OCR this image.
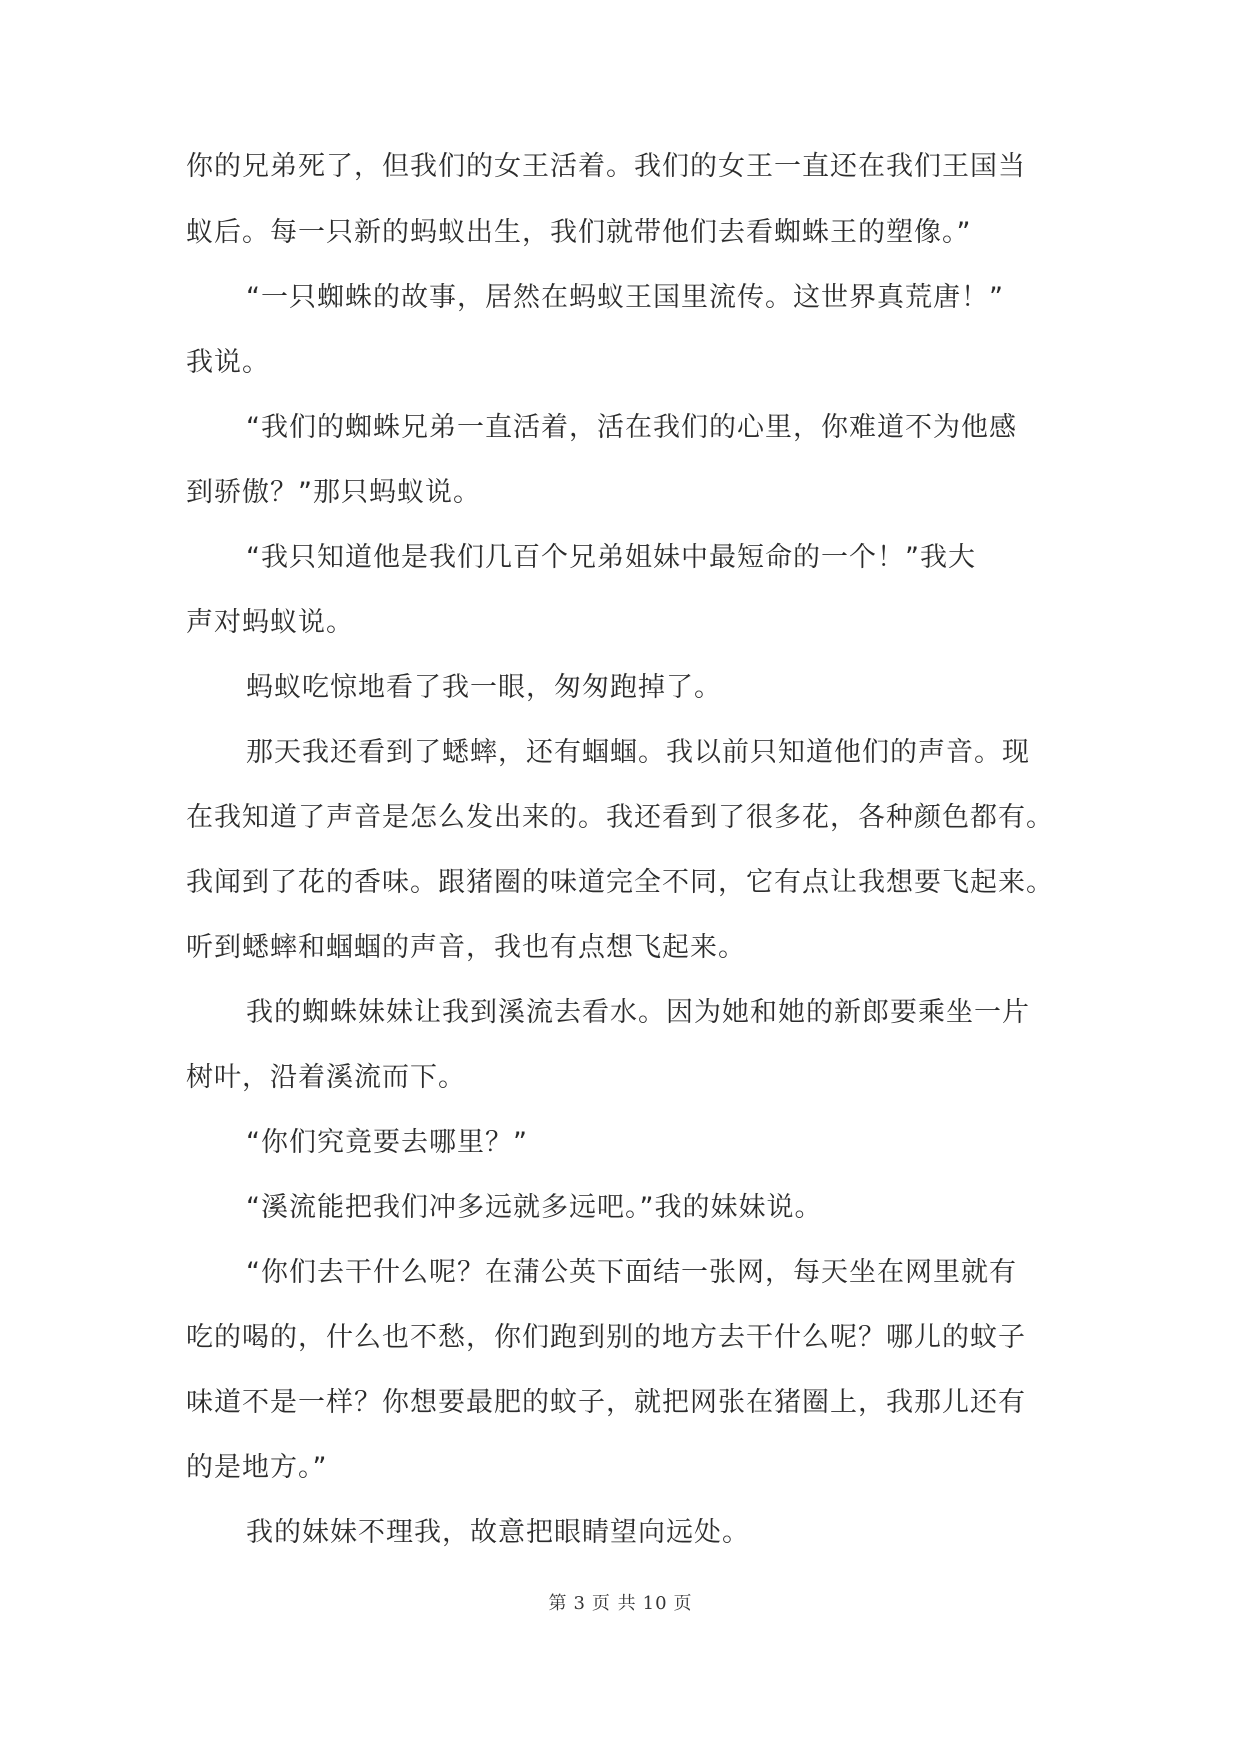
你的兄弟死了，但我们的女王活着。我们的女王一直还在我们王国当
蚁后。每一只新的蚂蚁出生，我们就带他们去看蜘蛛王的塑像。”
“一只蜘蛛的故事，居然在蚂蚁王国里流传。这世界真荒唐！”
我说。
“我们的蜘蛛兄弟一直活着，活在我们的心里，你难道不为他感
到骄傲？”那只蚂蚁说。
“我只知道他是我们几百个兄弟姐妹中最短命的一个！”我大
声对蚂蚁说。
蚂蚁吃惊地看了我一眼，匆匆跑掉了。
那天我还看到了蟋蟀，还有蝈蝈。我以前只知道他们的声音。现
在我知道了声音是怎么发出来的。我还看到了很多花，各种颜色都有。
我闻到了花的香味。跟猪圈的味道完全不同，它有点让我想要飞起来。
听到蟋蟀和蝈蝈的声音，我也有点想飞起来。
我的蜘蛛妹妹让我到溪流去看水。因为她和她的新郎要乘坐一片
树叶，沿着溪流而下。
“你们究竟要去哪里？”
“溪流能把我们冲多远就多远吧。”我的妹妹说。
“你们去干什么呢？在蒲公英下面结一张网，每天坐在网里就有
吃的喝的，什么也不愁，你们跑到别的地方去干什么呢？哪儿的蚊子
味道不是一样？你想要最肥的蚊子，就把网张在猪圈上，我那儿还有
的是地方。”
我的妹妹不理我，故意把眼睛望向远处。
第 3 页 共 10 页
